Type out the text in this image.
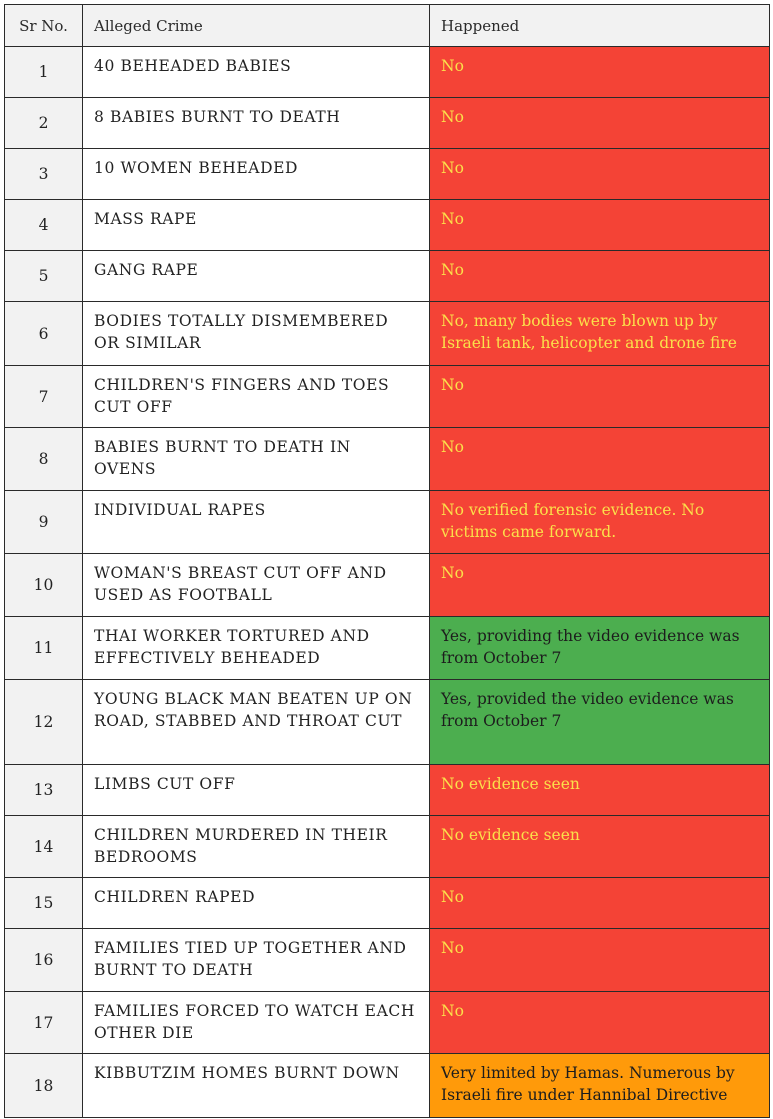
Sr No.	Alleged Crime	Happened
1	40 BEHEADED BABIES	No
2	8 BABIES BURNT TO DEATH	No
3	10 WOMEN BEHEADED	No
4	MASS RAPE	No
5	GANG RAPE	No
6	BODIES TOTALLY DISMEMBERED OR SIMILAR	No, many bodies were blown up by Israeli tank, helicopter and drone fire
7	CHILDREN'S FINGERS AND TOES CUT OFF	No
8	BABIES BURNT TO DEATH IN OVENS	No
9	INDIVIDUAL RAPES	No verified forensic evidence. No victims came forward.
10	WOMAN'S BREAST CUT OFF AND USED AS FOOTBALL	No
11	THAI WORKER TORTURED AND EFFECTIVELY BEHEADED	Yes, providing the video evidence was from October 7
12	YOUNG BLACK MAN BEATEN UP ON ROAD, STABBED AND THROAT CUT	Yes, provided the video evidence was from October 7
13	LIMBS CUT OFF	No evidence seen
14	CHILDREN MURDERED IN THEIR BEDROOMS	No evidence seen
15	CHILDREN RAPED	No
16	FAMILIES TIED UP TOGETHER AND BURNT TO DEATH	No
17	FAMILIES FORCED TO WATCH EACH OTHER DIE	No
18	KIBBUTZIM HOMES BURNT DOWN	Very limited by Hamas. Numerous by Israeli fire under Hannibal Directive
